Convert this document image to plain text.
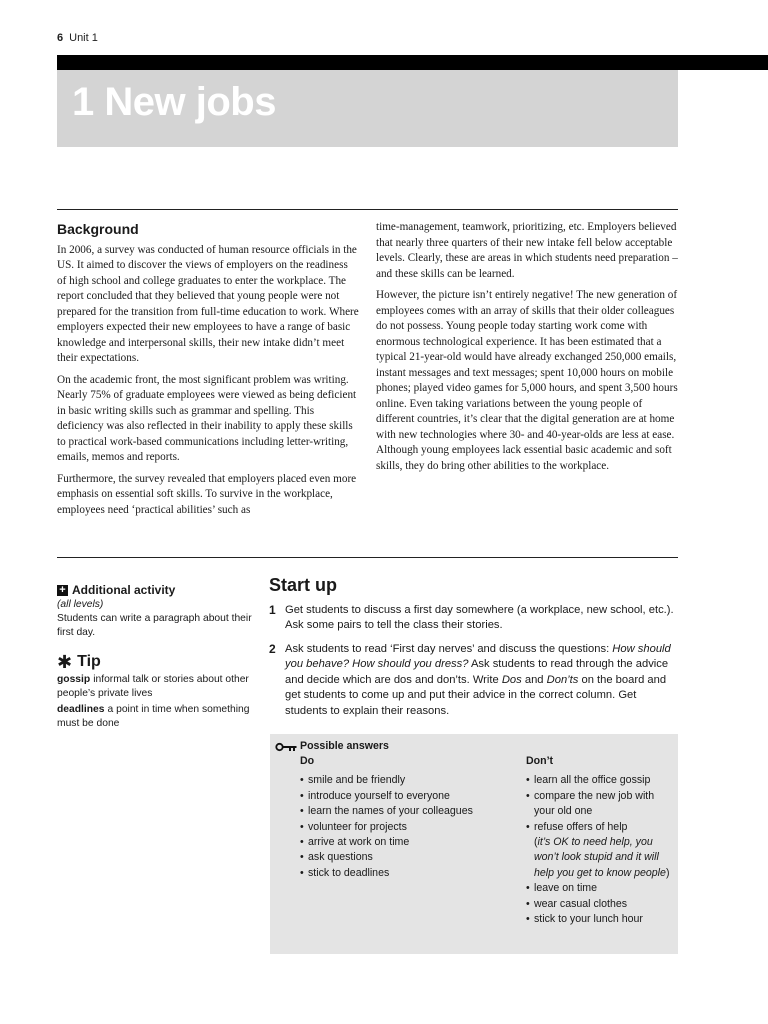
6 Unit 1
1 New jobs
Background

In 2006, a survey was conducted of human resource officials in the US. It aimed to discover the views of employers on the readiness of high school and college graduates to enter the workplace. The report concluded that they believed that young people were not prepared for the transition from full-time education to work. Where employers expected their new employees to have a range of basic knowledge and interpersonal skills, their new intake didn’t meet their expectations.

On the academic front, the most significant problem was writing. Nearly 75% of graduate employees were viewed as being deficient in basic writing skills such as grammar and spelling. This deficiency was also reflected in their inability to apply these skills to practical work-based communications including letter-writing, emails, memos and reports.

Furthermore, the survey revealed that employers placed even more emphasis on essential soft skills. To survive in the workplace, employees need ‘practical abilities’ such as

time-management, teamwork, prioritizing, etc. Employers believed that nearly three quarters of their new intake fell below acceptable levels. Clearly, these are areas in which students need preparation – and these skills can be learned.

However, the picture isn’t entirely negative! The new generation of employees comes with an array of skills that their older colleagues do not possess. Young people today starting work come with enormous technological experience. It has been estimated that a typical 21-year-old would have already exchanged 250,000 emails, instant messages and text messages; spent 10,000 hours on mobile phones; played video games for 5,000 hours, and spent 3,500 hours online. Even taking variations between the young people of different countries, it’s clear that the digital generation are at home with new technologies where 30- and 40-year-olds are less at ease. Although young employees lack essential basic academic and soft skills, they do bring other abilities to the workplace.

+ Additional activity
(all levels)
Students can write a paragraph about their first day.
✱ Tip
gossip informal talk or stories about other people’s private lives
deadlines a point in time when something must be done
Start up
1 Get students to discuss a first day somewhere (a workplace, new school, etc.). Ask some pairs to tell the class their stories.
2 Ask students to read ‘First day nerves’ and discuss the questions: How should you behave? How should you dress? Ask students to read through the advice and decide which are dos and don’ts. Write Dos and Don’ts on the board and get students to come up and put their advice in the correct column. Get students to explain their reasons.
Possible answers
Do
• smile and be friendly
• introduce yourself to everyone
• learn the names of your colleagues
• volunteer for projects
• arrive at work on time
• ask questions
• stick to deadlines
Don’t
• learn all the office gossip
• compare the new job with your old one
• refuse offers of help
(it’s OK to need help, you won’t look stupid and it will help you get to know people)
• leave on time
• wear casual clothes
• stick to your lunch hour
